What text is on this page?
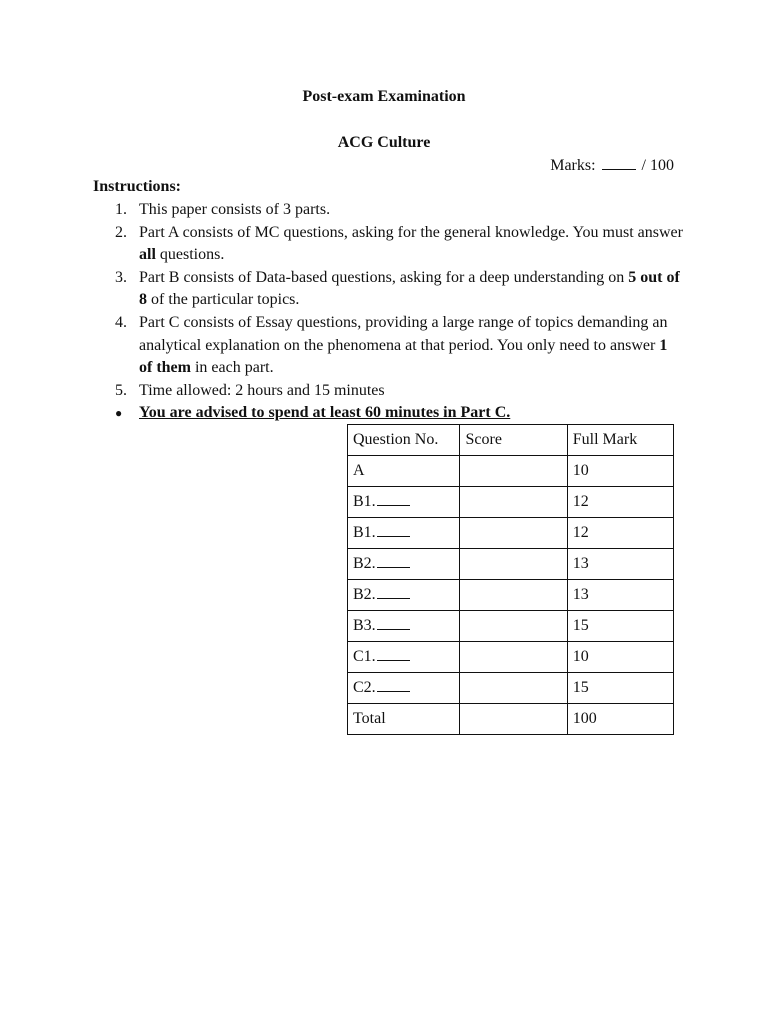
Post-exam Examination
ACG Culture
Marks:	/ 100
Instructions:
1. This paper consists of 3 parts.
2. Part A consists of MC questions, asking for the general knowledge. You must answer all questions.
3. Part B consists of Data-based questions, asking for a deep understanding on 5 out of 8 of the particular topics.
4. Part C consists of Essay questions, providing a large range of topics demanding an analytical explanation on the phenomena at that period. You only need to answer 1 of them in each part.
5. Time allowed: 2 hours and 15 minutes
● You are advised to spend at least 60 minutes in Part C.
Question No.	Score	Full Mark
A		10
B1.		12
B1.		12
B2.		13
B2.		13
B3.		15
C1.		10
C2.		15
Total		100
